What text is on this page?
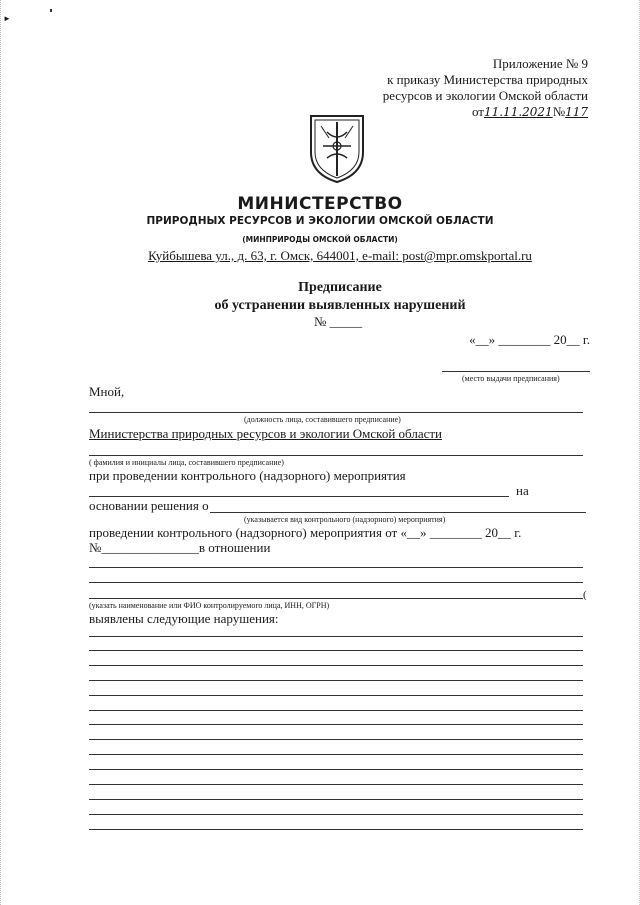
►
Приложение № 9
к приказу Министерства природных
ресурсов и экологии Омской области
от11.11.2021№117
МИНИСТЕРСТВО
ПРИРОДНЫХ РЕСУРСОВ И ЭКОЛОГИИ ОМСКОЙ ОБЛАСТИ
(МИНПРИРОДЫ ОМСКОЙ ОБЛАСТИ)
Куйбышева ул., д. 63, г. Омск, 644001, e-mail: post@mpr.omskportal.ru
Предписание
об устранении выявленных нарушений
№ _____
«__» ________ 20__ г.
(место выдачи предписания)
Мной,
(должность лица, составившего предписание)
Министерства природных ресурсов и экологии Омской области
( фамилия и инициалы лица, составившего предписание)
при проведении контрольного (надзорного) мероприятия
на
основании решения о
(указывается вид контрольного (надзорного) мероприятия)
проведении контрольного (надзорного) мероприятия от «__» ________ 20__ г.
№_______________в отношении
(
(указать наименование или ФИО контролируемого лица, ИНН, ОГРН)
выявлены следующие нарушения:
